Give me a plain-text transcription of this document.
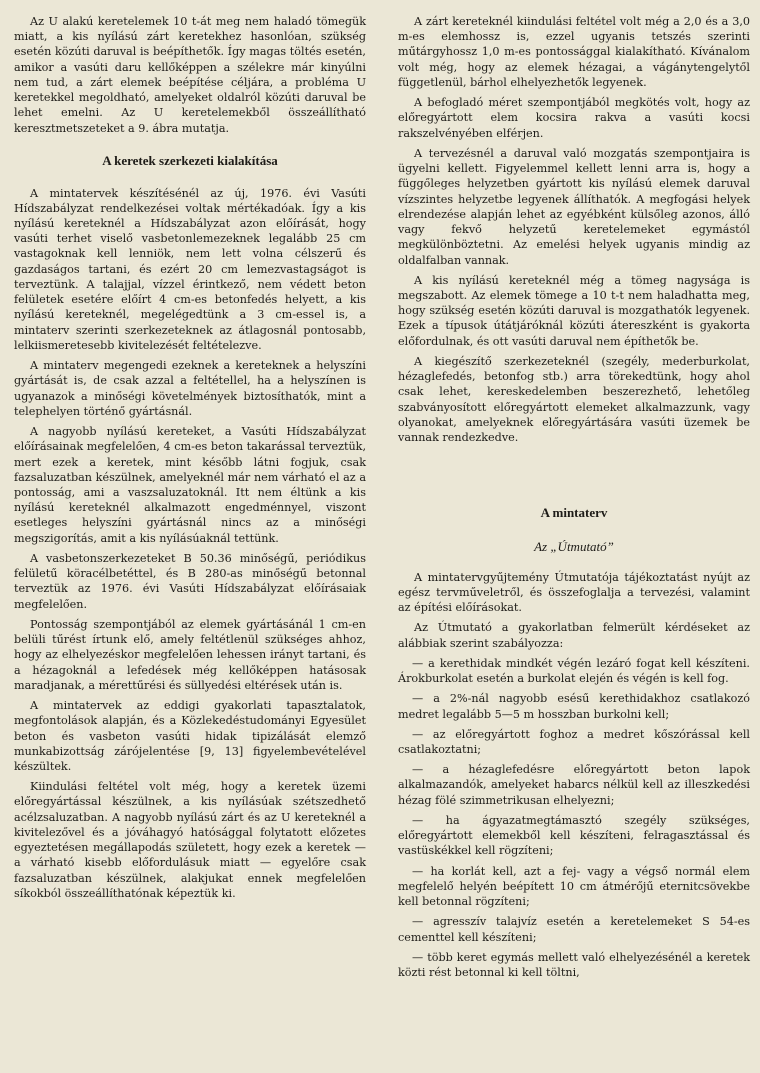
Az U alakú keretelemek 10 t-át meg nem haladó tömegük miatt, a kis nyílású zárt keretekhez hasonlóan, szükség esetén közúti daruval is beépíthetők. Így magas töltés esetén, amikor a vasúti daru kellőképpen a szélekre már kinyúlni nem tud, a zárt elemek beépítése céljára, a probléma U keretekkel megoldható, amelyeket oldalról közúti daruval be lehet emelni. Az U keretelemekből összeállítható keresztmetszeteket a 9. ábra mutatja.

A keretek szerkezeti kialakítása

A mintatervek készítésénél az új, 1976. évi Vasúti Hídszabályzat rendelkezései voltak mértékadóak. Így a kis nyílású kereteknél a Hídszabályzat azon előírását, hogy vasúti terhet viselő vasbetonlemezeknek legalább 25 cm vastagoknak kell lenniök, nem lett volna célszerű és gazdaságos tartani, és ezért 20 cm lemezvastagságot is terveztünk. A talajjal, vízzel érintkező, nem védett beton felületek esetére előírt 4 cm-es betonfedés helyett, a kis nyílású kereteknél, megelégedtünk a 3 cm-essel is, a mintaterv szerinti szerkezeteknek az átlagosnál pontosabb, lelkiismeretesebb kivitelezését feltételezve.

A mintaterv megengedi ezeknek a kereteknek a helyszíni gyártását is, de csak azzal a feltétellel, ha a helyszínen is ugyanazok a minőségi követelmények biztosíthatók, mint a telephelyen történő gyártásnál.

A nagyobb nyílású kereteket, a Vasúti Hídszabályzat előírásainak megfelelően, 4 cm-es beton takarással terveztük, mert ezek a keretek, mint később látni fogjuk, csak fazsaluzatban készülnek, amelyeknél már nem várható el az a pontosság, ami a vaszsaluzatoknál. Itt nem éltünk a kis nyílású kereteknél alkalmazott engedménnyel, viszont esetleges helyszíni gyártásnál nincs az a minőségi megszigorítás, amit a kis nyílásúaknál tettünk.

A vasbetonszerkezeteket B 50.36 minőségű, periódikus felületű köracélbetéttel, és B 280-as minőségű betonnal terveztük az 1976. évi Vasúti Hídszabályzat előírásaiak megfelelően.

Pontosság szempontjából az elemek gyártásánál 1 cm-en belüli tűrést írtunk elő, amely feltétlenül szükséges ahhoz, hogy az elhelyezéskor megfelelően lehessen irányt tartani, és a hézagoknál a lefedések még kellőképpen hatásosak maradjanak, a mérettűrési és süllyedési eltérések után is.

A mintatervek az eddigi gyakorlati tapasztalatok, megfontolások alapján, és a Közlekedéstudományi Egyesület beton és vasbeton vasúti hidak tipizálását elemző munkabizottság zárójelentése [9, 13] figyelembevételével készültek.

Kiindulási feltétel volt még, hogy a keretek üzemi előregyártással készülnek, a kis nyílásúak szétszedhető acélzsaluzatban. A nagyobb nyílású zárt és az U kereteknél a kivitelezővel és a jóváhagyó hatósággal folytatott előzetes egyeztetésen megállapodás született, hogy ezek a keretek — a várható kisebb előfordulásuk miatt — egyelőre csak fazsaluzatban készülnek, alakjukat ennek megfelelően síkokból összeállíthatónak képeztük ki.

A zárt kereteknél kiindulási feltétel volt még a 2,0 és a 3,0 m-es elemhossz is, ezzel ugyanis tetszés szerinti műtárgyhossz 1,0 m-es pontossággal kialakítható. Kívánalom volt még, hogy az elemek hézagai, a vágánytengelytől függetlenül, bárhol elhelyezhetők legyenek.

A befogladó méret szempontjából megkötés volt, hogy az előregyártott elem kocsira rakva a vasúti kocsi rakszelvényében elférjen.

A tervezésnél a daruval való mozgatás szempontjaira is ügyelni kellett. Figyelemmel kellett lenni arra is, hogy a függőleges helyzetben gyártott kis nyílású elemek daruval vízszintes helyzetbe legyenek állíthatók. A megfogási helyek elrendezése alapján lehet az egyébként külsőleg azonos, álló vagy fekvő helyzetű keretelemeket egymástól megkülönböztetni. Az emelési helyek ugyanis mindig az oldalfalban vannak.

A kis nyílású kereteknél még a tömeg nagysága is megszabott. Az elemek tömege a 10 t-t nem haladhatta meg, hogy szükség esetén közúti daruval is mozgathatók legyenek. Ezek a típusok útátjáróknál közúti átereszként is gyakorta előfordulnak, és ott vasúti daruval nem építhetők be.

A kiegészítő szerkezeteknél (szegély, mederburkolat, hézaglefedés, betonfog stb.) arra törekedtünk, hogy ahol csak lehet, kereskedelemben beszerezhető, lehetőleg szabványosított előregyártott elemeket alkalmazzunk, vagy olyanokat, amelyeknek előregyártására vasúti üzemek be vannak rendezkedve.

A mintaterv
Az „Útmutató”

A mintatervgyűjtemény Útmutatója tájékoztatást nyújt az egész tervműveletről, és összefoglalja a tervezési, valamint az építési előírásokat.

Az Útmutató a gyakorlatban felmerült kérdéseket az alábbiak szerint szabályozza:

— a kerethidak mindkét végén lezáró fogat kell készíteni. Árokburkolat esetén a burkolat elején és végén is kell fog.

— a 2%-nál nagyobb esésű kerethidakhoz csatlakozó medret legalább 5—5 m hosszban burkolni kell;

— az előregyártott foghoz a medret kőszórással kell csatlakoztatni;

— a hézaglefedésre előregyártott beton lapok alkalmazandók, amelyeket habarcs nélkül kell az illeszkedési hézag fölé szimmetrikusan elhelyezni;

— ha ágyazatmegtámasztó szegély szükséges, előregyártott elemekből kell készíteni, felragasztással és vastüskékkel kell rögzíteni;

— ha korlát kell, azt a fej- vagy a végső normál elem megfelelő helyén beépített 10 cm átmérőjű eternitcsövekbe kell betonnal rögzíteni;

— agresszív talajvíz esetén a keretelemeket S 54-es cementtel kell készíteni;

— több keret egymás mellett való elhelyezésénél a keretek közti rést betonnal ki kell töltni,
